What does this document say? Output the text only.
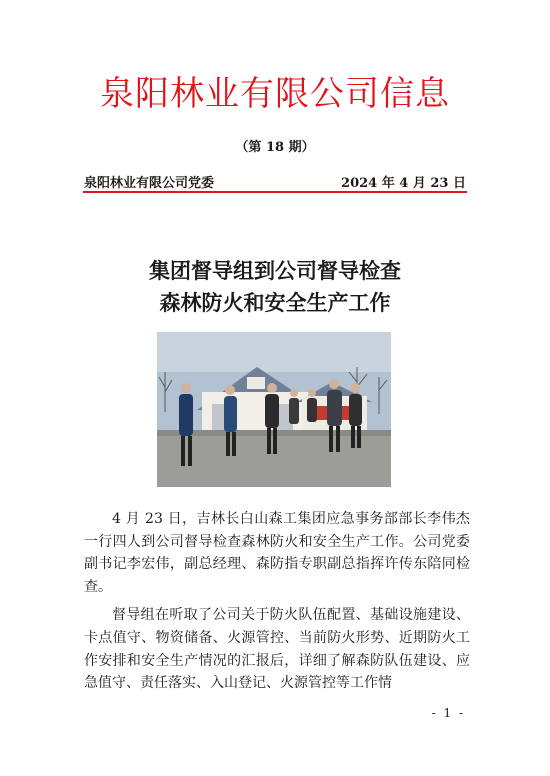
泉阳林业有限公司信息
（第 18 期）
泉阳林业有限公司党委	2024 年 4 月 23 日
集团督导组到公司督导检查
森林防火和安全生产工作

4 月 23 日，吉林长白山森工集团应急事务部部长李伟杰一行四人到公司督导检查森林防火和安全生产工作。公司党委副书记李宏伟，副总经理、森防指专职副总指挥许传东陪同检查。

督导组在听取了公司关于防火队伍配置、基础设施建设、卡点值守、物资储备、火源管控、当前防火形势、近期防火工作安排和安全生产情况的汇报后，详细了解森防队伍建设、应急值守、责任落实、入山登记、火源管控等工作情

- 1 -
